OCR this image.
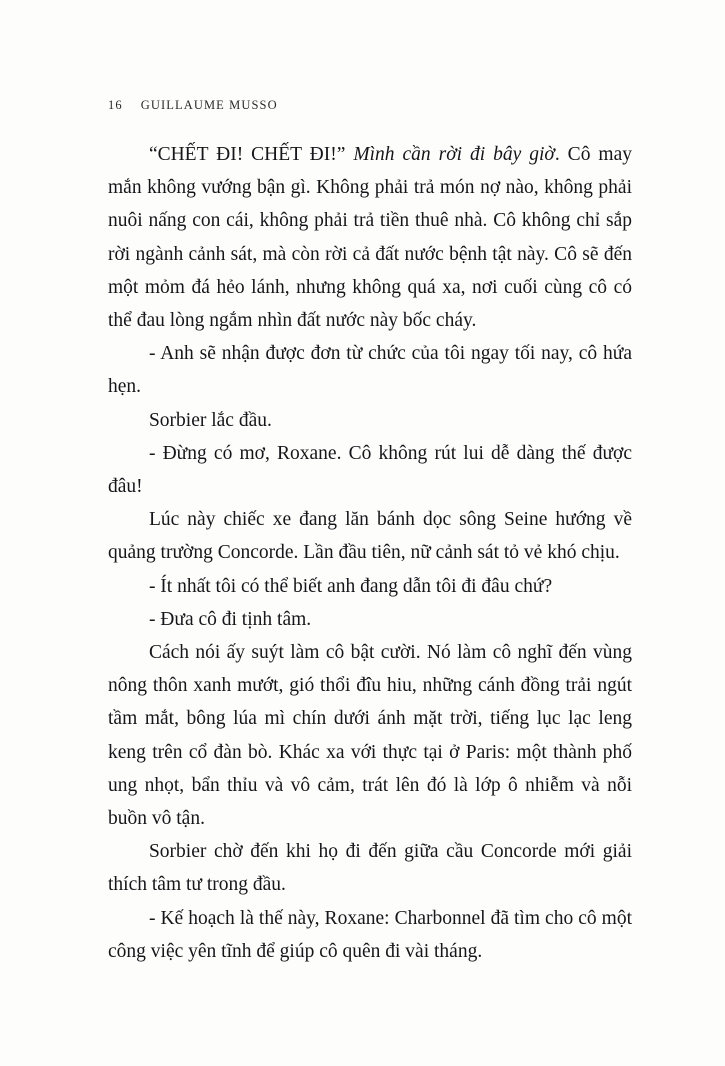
16 GUILLAUME MUSSO

“CHẾT ĐI! CHẾT ĐI!” Mình cần rời đi bây giờ. Cô may mắn không vướng bận gì. Không phải trả món nợ nào, không phải nuôi nấng con cái, không phải trả tiền thuê nhà. Cô không chỉ sắp rời ngành cảnh sát, mà còn rời cả đất nước bệnh tật này. Cô sẽ đến một mỏm đá hẻo lánh, nhưng không quá xa, nơi cuối cùng cô có thể đau lòng ngắm nhìn đất nước này bốc cháy.

- Anh sẽ nhận được đơn từ chức của tôi ngay tối nay, cô hứa hẹn.

Sorbier lắc đầu.

- Đừng có mơ, Roxane. Cô không rút lui dễ dàng thế được đâu!

Lúc này chiếc xe đang lăn bánh dọc sông Seine hướng về quảng trường Concorde. Lần đầu tiên, nữ cảnh sát tỏ vẻ khó chịu.

- Ít nhất tôi có thể biết anh đang dẫn tôi đi đâu chứ?

- Đưa cô đi tịnh tâm.

Cách nói ấy suýt làm cô bật cười. Nó làm cô nghĩ đến vùng nông thôn xanh mướt, gió thổi đîu hiu, những cánh đồng trải ngút tầm mắt, bông lúa mì chín dưới ánh mặt trời, tiếng lục lạc leng keng trên cổ đàn bò. Khác xa với thực tại ở Paris: một thành phố ung nhọt, bẩn thỉu và vô cảm, trát lên đó là lớp ô nhiễm và nỗi buồn vô tận.

Sorbier chờ đến khi họ đi đến giữa cầu Concorde mới giải thích tâm tư trong đầu.

- Kế hoạch là thế này, Roxane: Charbonnel đã tìm cho cô một công việc yên tĩnh để giúp cô quên đi vài tháng.
